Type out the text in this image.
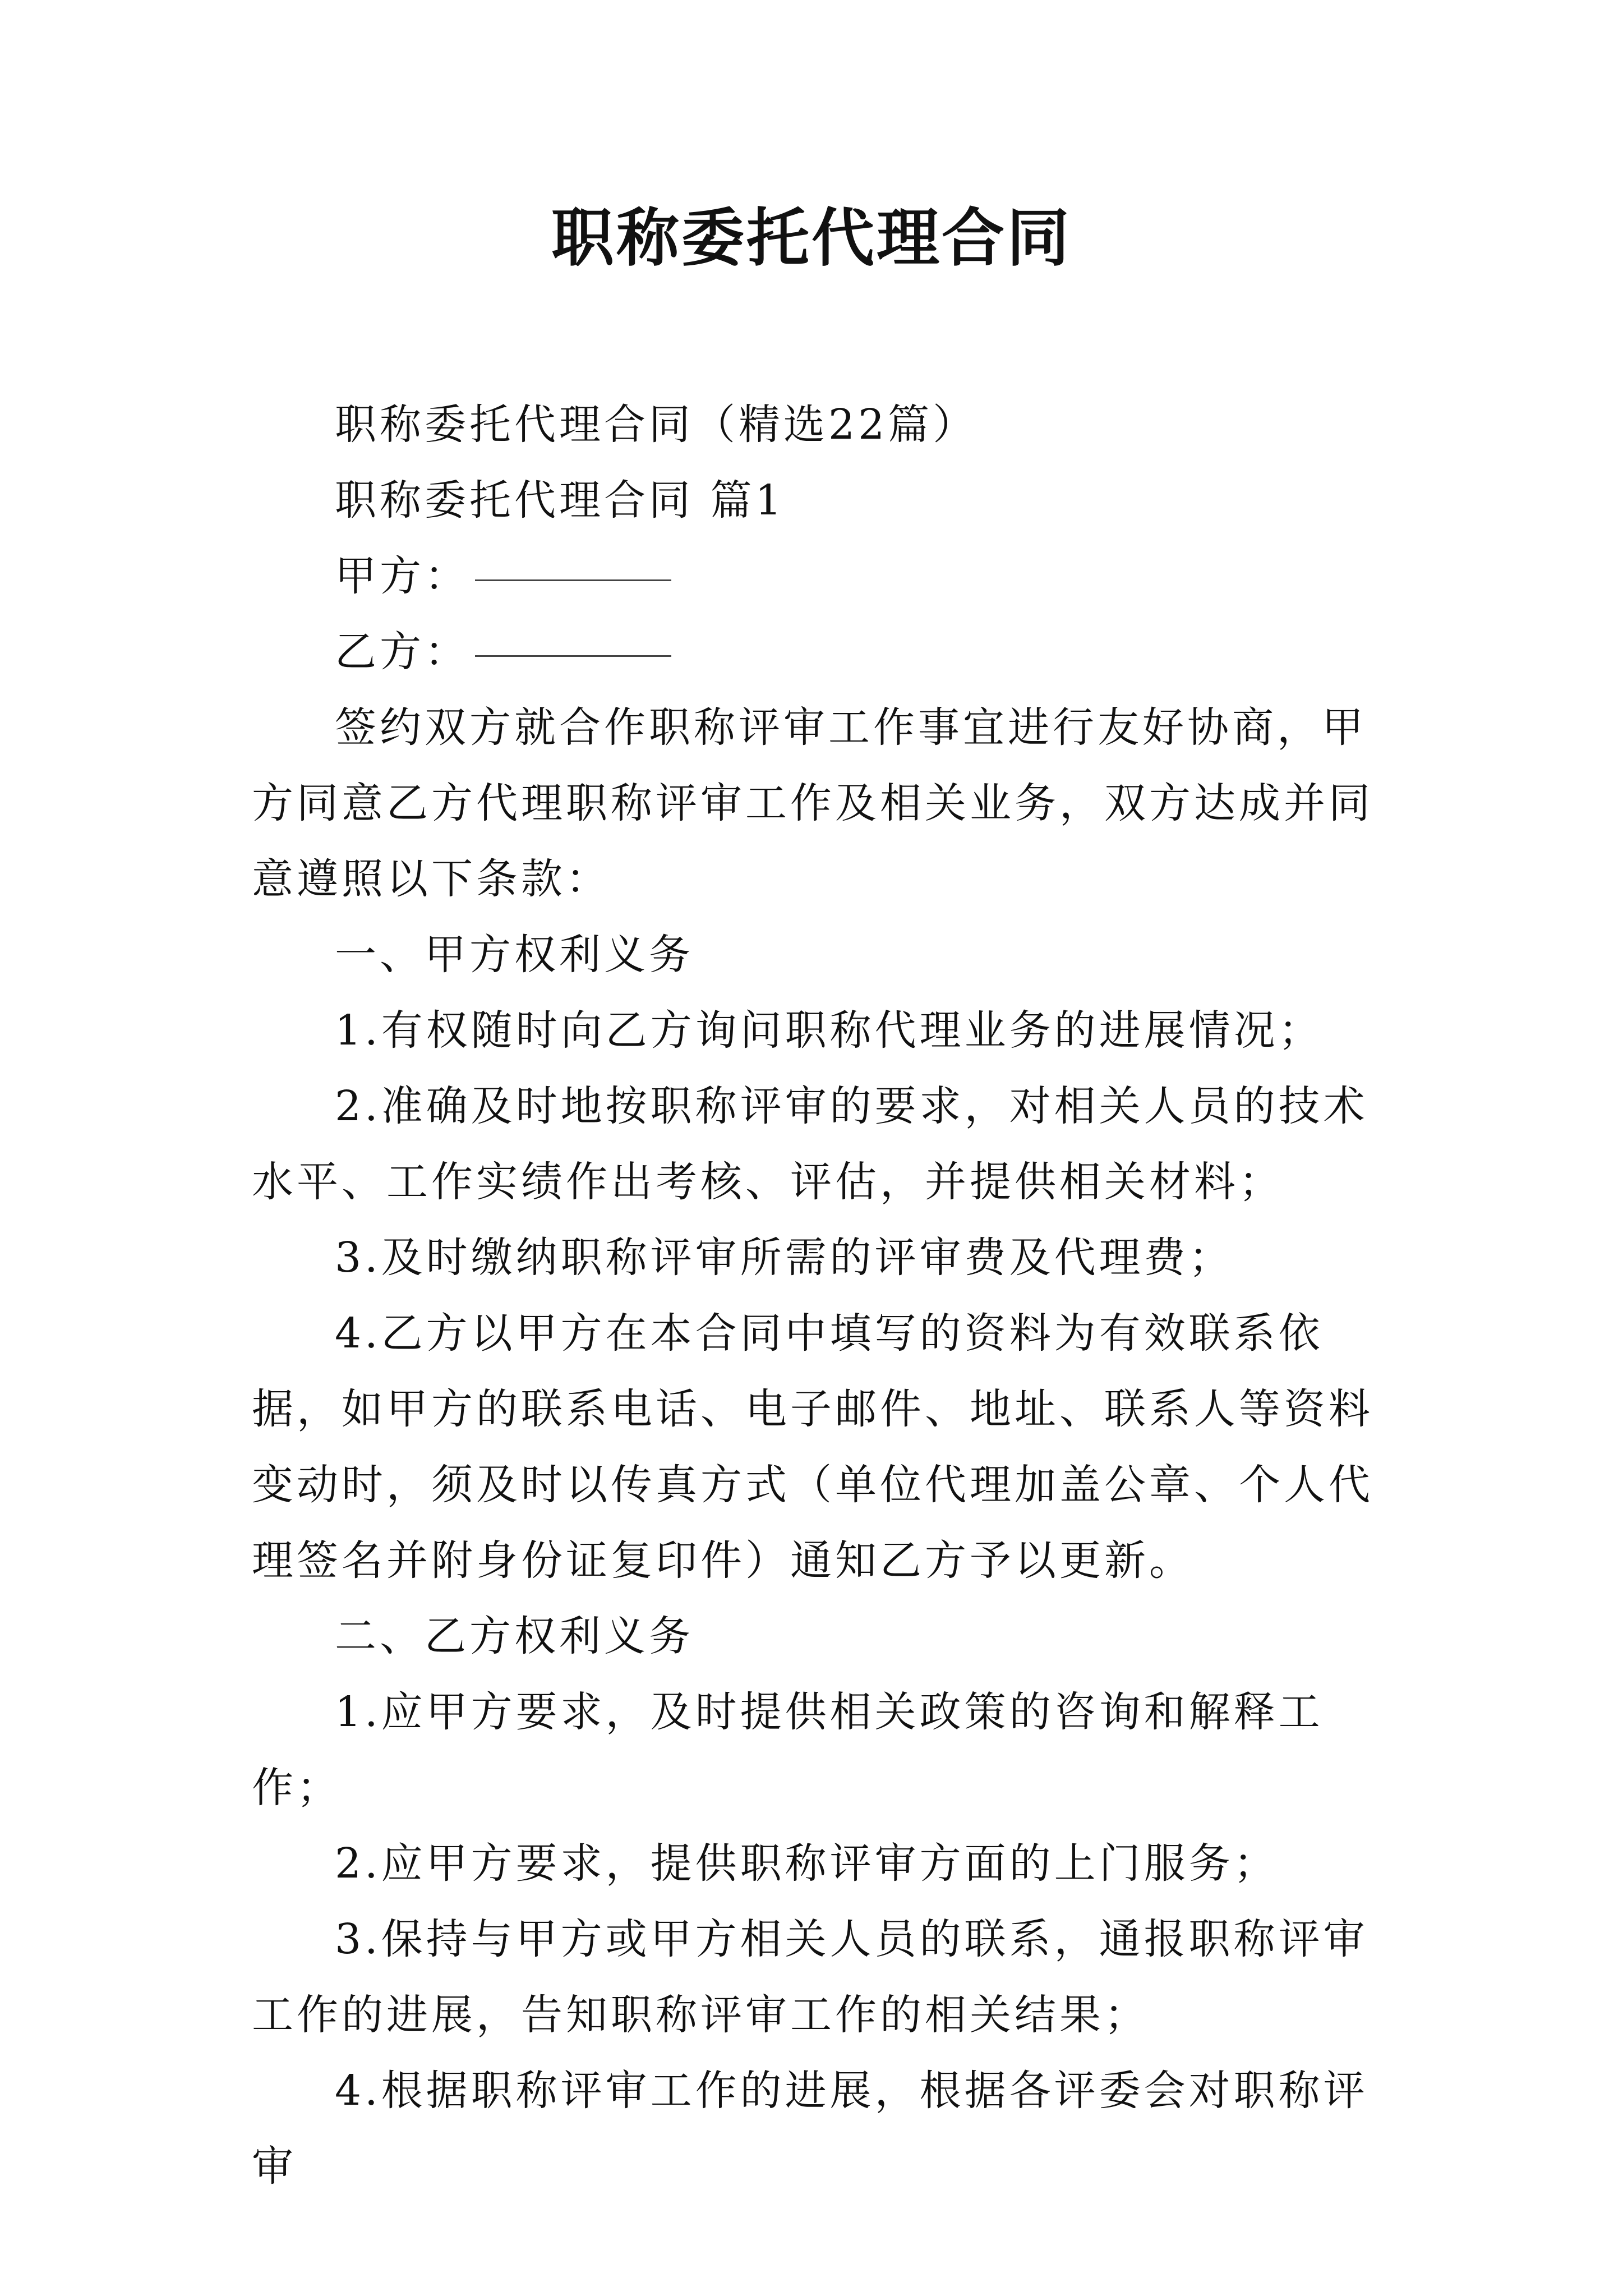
职称委托代理合同

职称委托代理合同（精选22篇）

职称委托代理合同 篇1

甲方：

乙方：

签约双方就合作职称评审工作事宜进行友好协商，甲方同意乙方代理职称评审工作及相关业务，双方达成并同意遵照以下条款：

一、甲方权利义务

1.有权随时向乙方询问职称代理业务的进展情况；

2.准确及时地按职称评审的要求，对相关人员的技术水平、工作实绩作出考核、评估，并提供相关材料；

3.及时缴纳职称评审所需的评审费及代理费；

4.乙方以甲方在本合同中填写的资料为有效联系依据，如甲方的联系电话、电子邮件、地址、联系人等资料变动时，须及时以传真方式（单位代理加盖公章、个人代理签名并附身份证复印件）通知乙方予以更新。

二、乙方权利义务

1.应甲方要求，及时提供相关政策的咨询和解释工作；

2.应甲方要求，提供职称评审方面的上门服务；

3.保持与甲方或甲方相关人员的联系，通报职称评审工作的进展，告知职称评审工作的相关结果；

4.根据职称评审工作的进展，根据各评委会对职称评审
